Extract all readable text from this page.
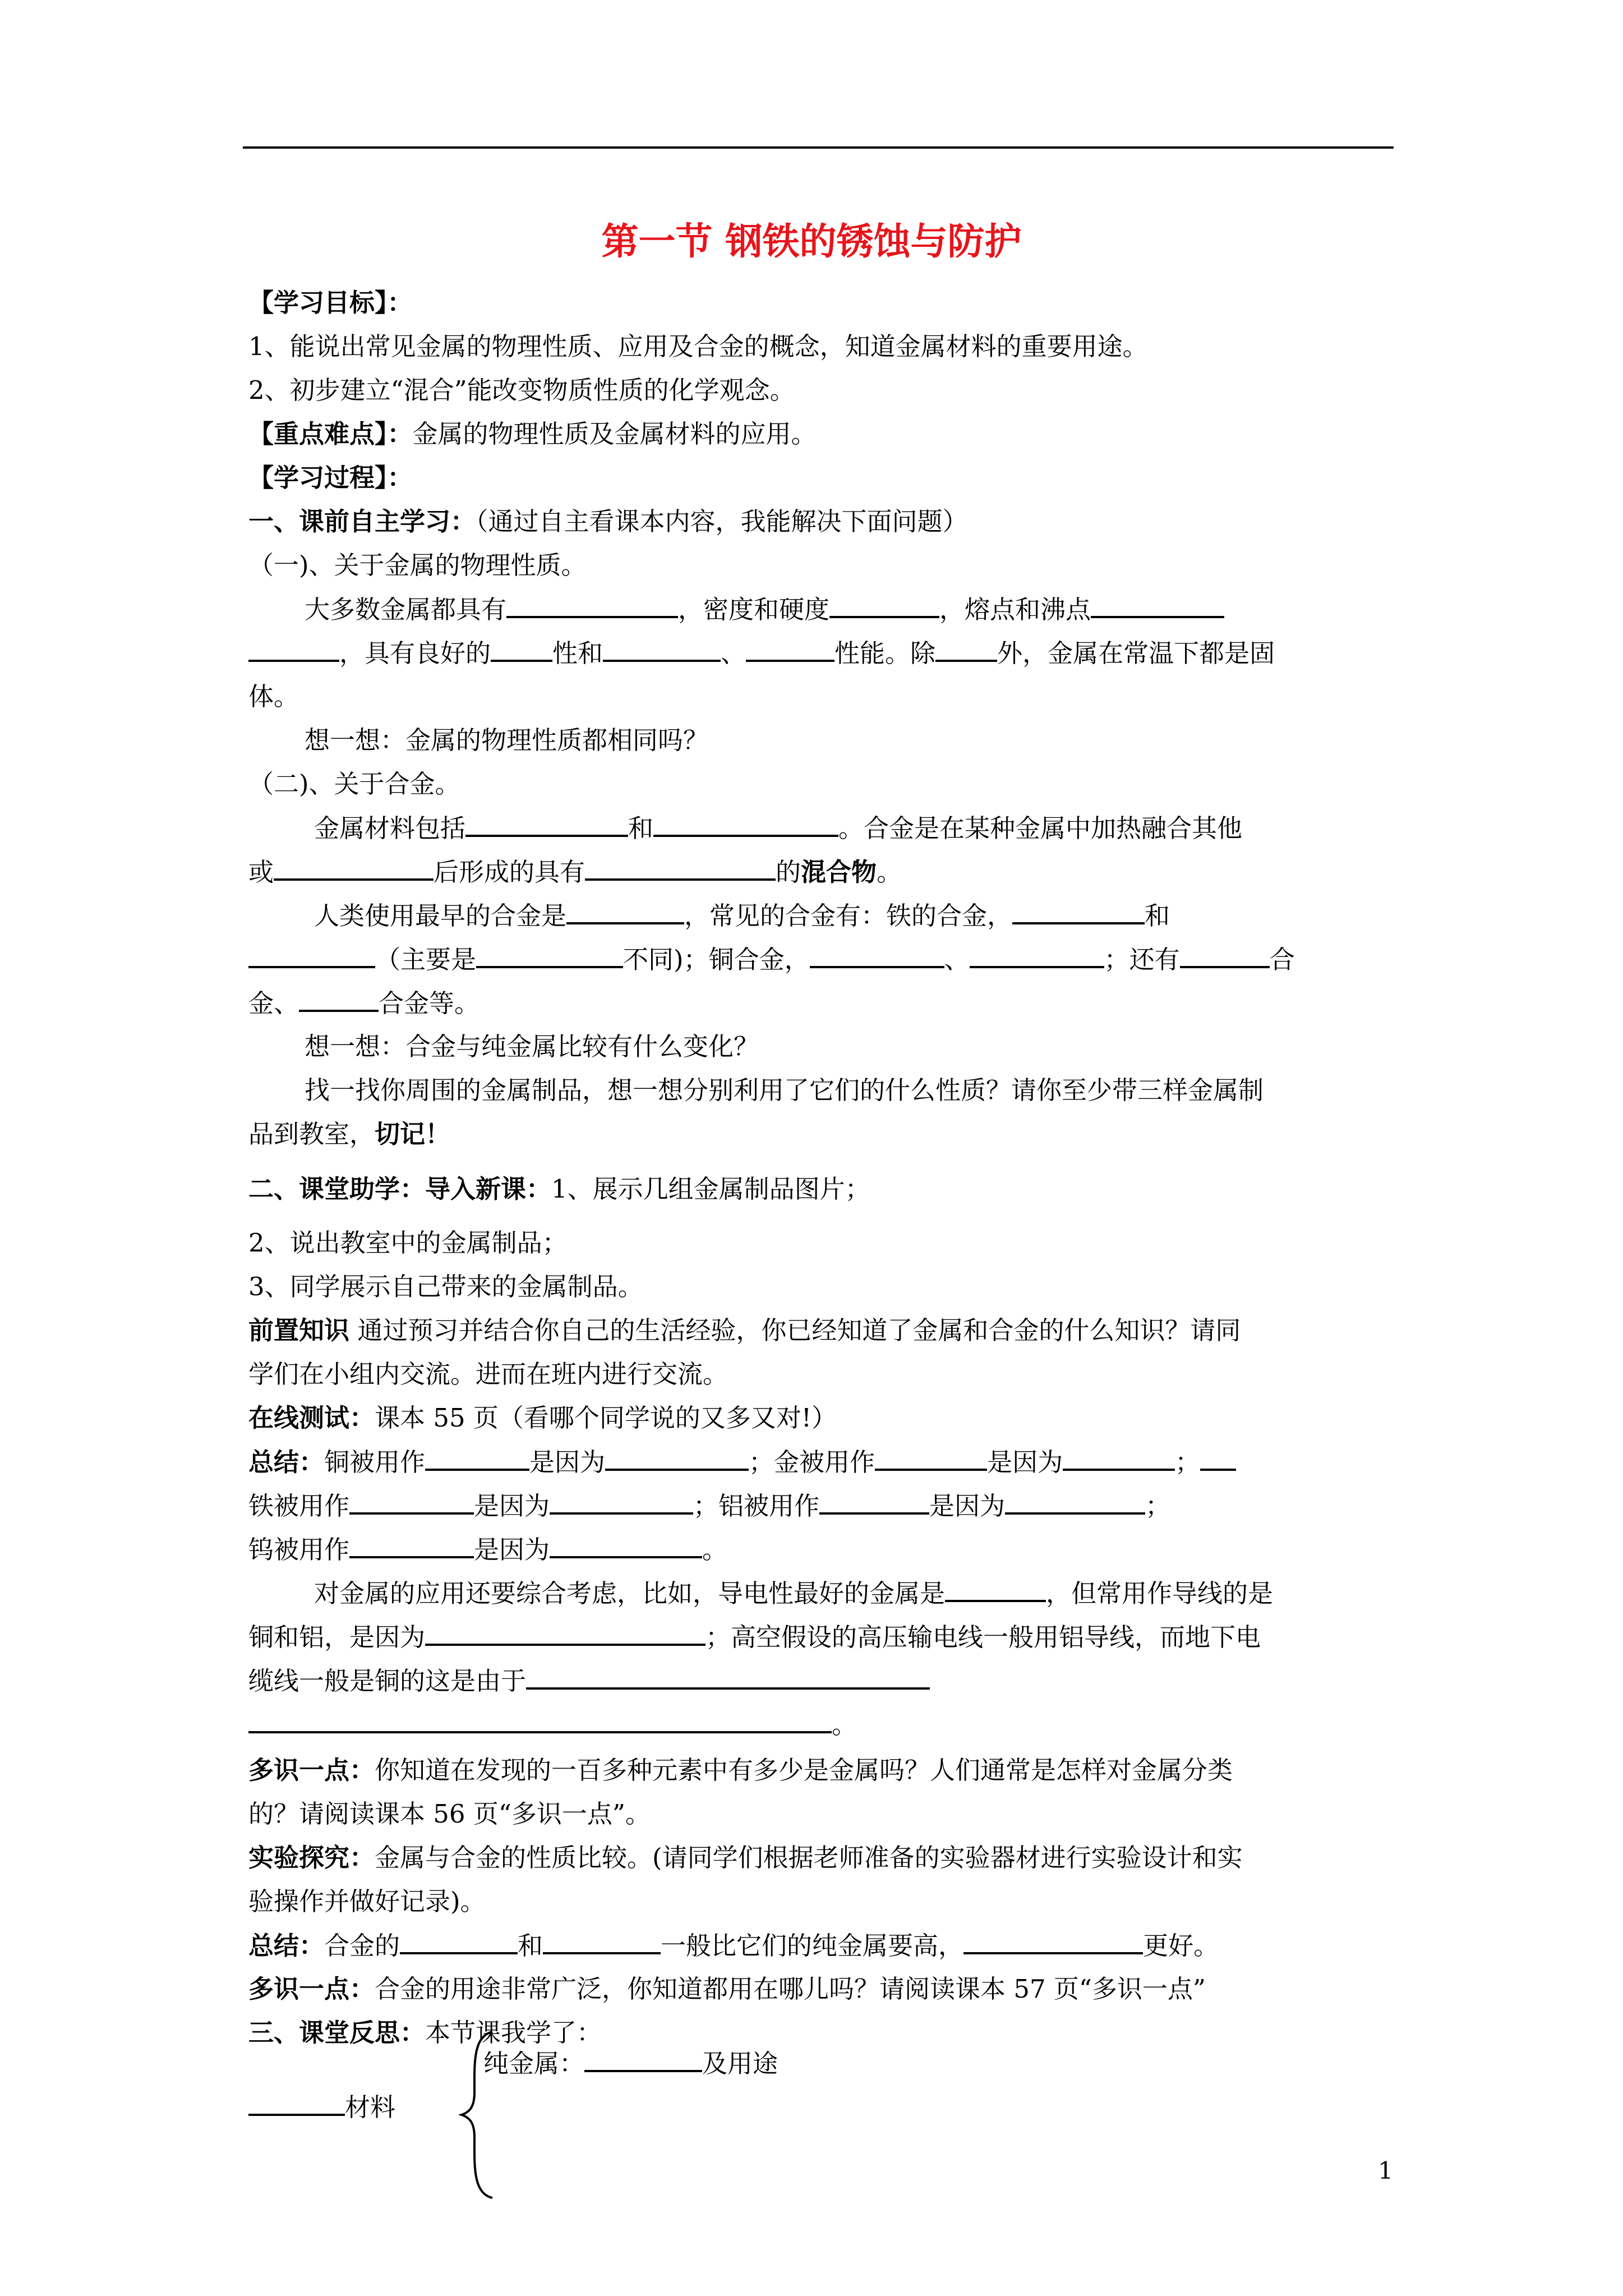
第一节 钢铁的锈蚀与防护
【学习目标】：
1、能说出常见金属的物理性质、应用及合金的概念，知道金属材料的重要用途。
2、初步建立“混合”能改变物质性质的化学观念。
【重点难点】：金属的物理性质及金属材料的应用。
【学习过程】：
一、课前自主学习：（通过自主看课本内容，我能解决下面问题）
（一)、关于金属的物理性质。
大多数金属都具有	，密度和硬度	，熔点和沸点
，具有良好的 性和	、	性能。除 外，金属在常温下都是固
体。
想一想：金属的物理性质都相同吗？
（二)、关于合金。
金属材料包括	和	。合金是在某种金属中加热融合其他
或	后形成的具有	的混合物。
人类使用最早的合金是	，常见的合金有：铁的合金，	和
（主要是	不同)；铜合金，	、	；还有	合
金、	合金等。
想一想：合金与纯金属比较有什么变化？
找一找你周围的金属制品，想一想分别利用了它们的什么性质？请你至少带三样金属制
品到教室，切记！
二、课堂助学：导入新课：1、展示几组金属制品图片；
2、说出教室中的金属制品；
3、同学展示自己带来的金属制品。
前置知识 通过预习并结合你自己的生活经验，你已经知道了金属和合金的什么知识？请同
学们在小组内交流。进而在班内进行交流。
在线测试：课本 55 页（看哪个同学说的又多又对!）
总结：铜被用作	是因为	；金被用作	是因为	；
铁被用作	是因为	；铝被用作	是因为	；
钨被用作	是因为	。
对金属的应用还要综合考虑，比如，导电性最好的金属是	，但常用作导线的是
铜和铝，是因为	；高空假设的高压输电线一般用铝导线，而地下电
缆线一般是铜的这是由于
。
多识一点：你知道在发现的一百多种元素中有多少是金属吗？人们通常是怎样对金属分类
的？请阅读课本 56 页“多识一点”。
实验探究：金属与合金的性质比较。(请同学们根据老师准备的实验器材进行实验设计和实
验操作并做好记录)。
总结：合金的	和	一般比它们的纯金属要高，	更好。
多识一点：合金的用途非常广泛，你知道都用在哪儿吗？请阅读课本 57 页“多识一点”
三、课堂反思：本节课我学了：
纯金属：	及用途
材料
1
